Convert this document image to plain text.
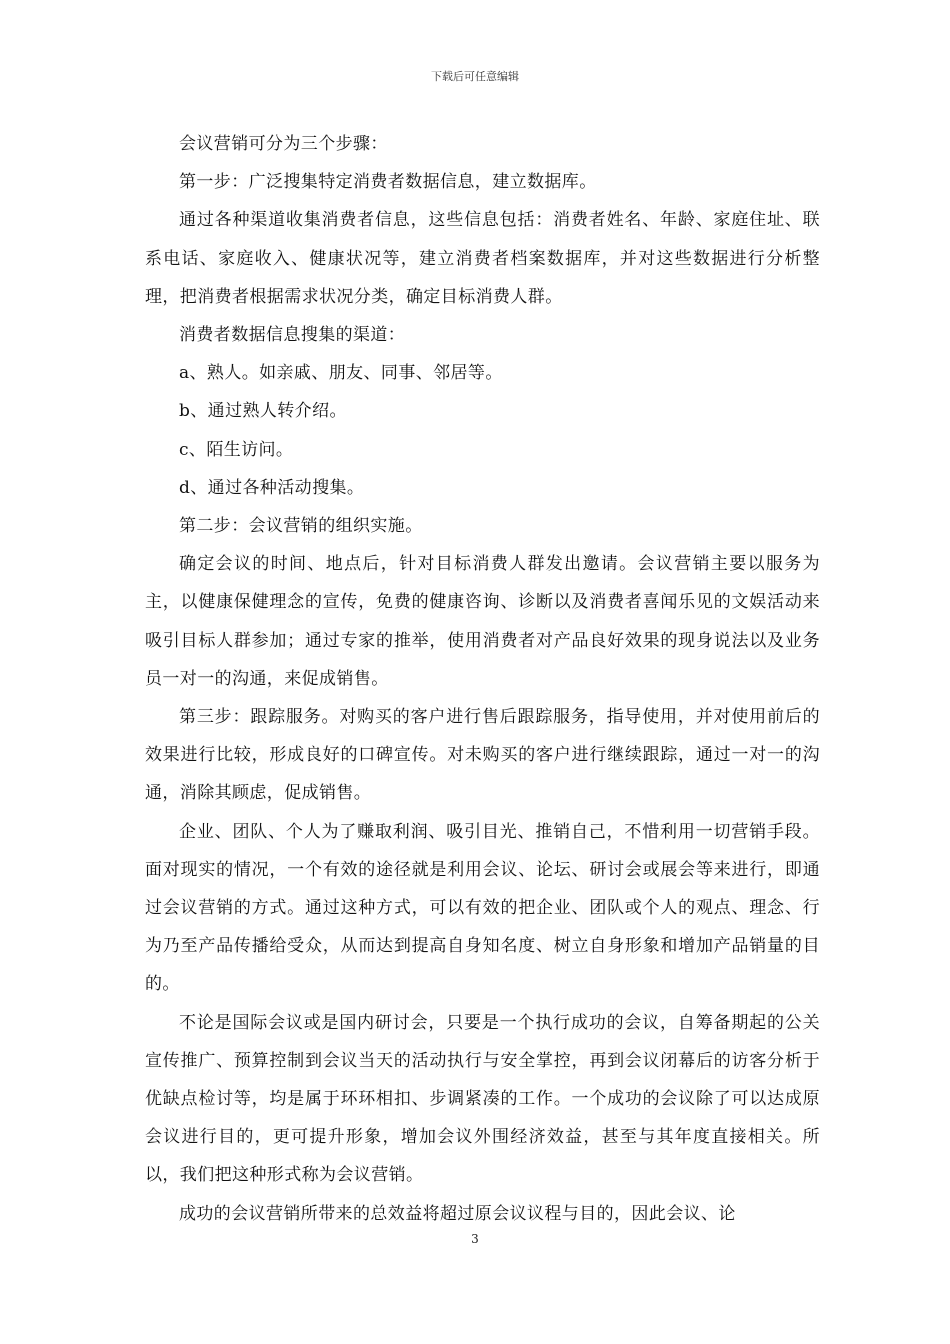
下载后可任意编辑

会议营销可分为三个步骤：

第一步：广泛搜集特定消费者数据信息，建立数据库。

通过各种渠道收集消费者信息，这些信息包括：消费者姓名、年龄、家庭住址、联系电话、家庭收入、健康状况等，建立消费者档案数据库，并对这些数据进行分析整理，把消费者根据需求状况分类，确定目标消费人群。

消费者数据信息搜集的渠道：

a、熟人。如亲戚、朋友、同事、邻居等。

b、通过熟人转介绍。

c、陌生访问。

d、通过各种活动搜集。

第二步：会议营销的组织实施。

确定会议的时间、地点后，针对目标消费人群发出邀请。会议营销主要以服务为主，以健康保健理念的宣传，免费的健康咨询、诊断以及消费者喜闻乐见的文娱活动来吸引目标人群参加；通过专家的推举，使用消费者对产品良好效果的现身说法以及业务员一对一的沟通，来促成销售。

第三步：跟踪服务。对购买的客户进行售后跟踪服务，指导使用，并对使用前后的效果进行比较，形成良好的口碑宣传。对未购买的客户进行继续跟踪，通过一对一的沟通，消除其顾虑，促成销售。

企业、团队、个人为了赚取利润、吸引目光、推销自己，不惜利用一切营销手段。面对现实的情况，一个有效的途径就是利用会议、论坛、研讨会或展会等来进行，即通过会议营销的方式。通过这种方式，可以有效的把企业、团队或个人的观点、理念、行为乃至产品传播给受众，从而达到提高自身知名度、树立自身形象和增加产品销量的目的。

不论是国际会议或是国内研讨会，只要是一个执行成功的会议，自筹备期起的公关宣传推广、预算控制到会议当天的活动执行与安全掌控，再到会议闭幕后的访客分析于优缺点检讨等，均是属于环环相扣、步调紧凑的工作。一个成功的会议除了可以达成原会议进行目的，更可提升形象，增加会议外围经济效益，甚至与其年度直接相关。所以，我们把这种形式称为会议营销。

成功的会议营销所带来的总效益将超过原会议议程与目的，因此会议、论

3
